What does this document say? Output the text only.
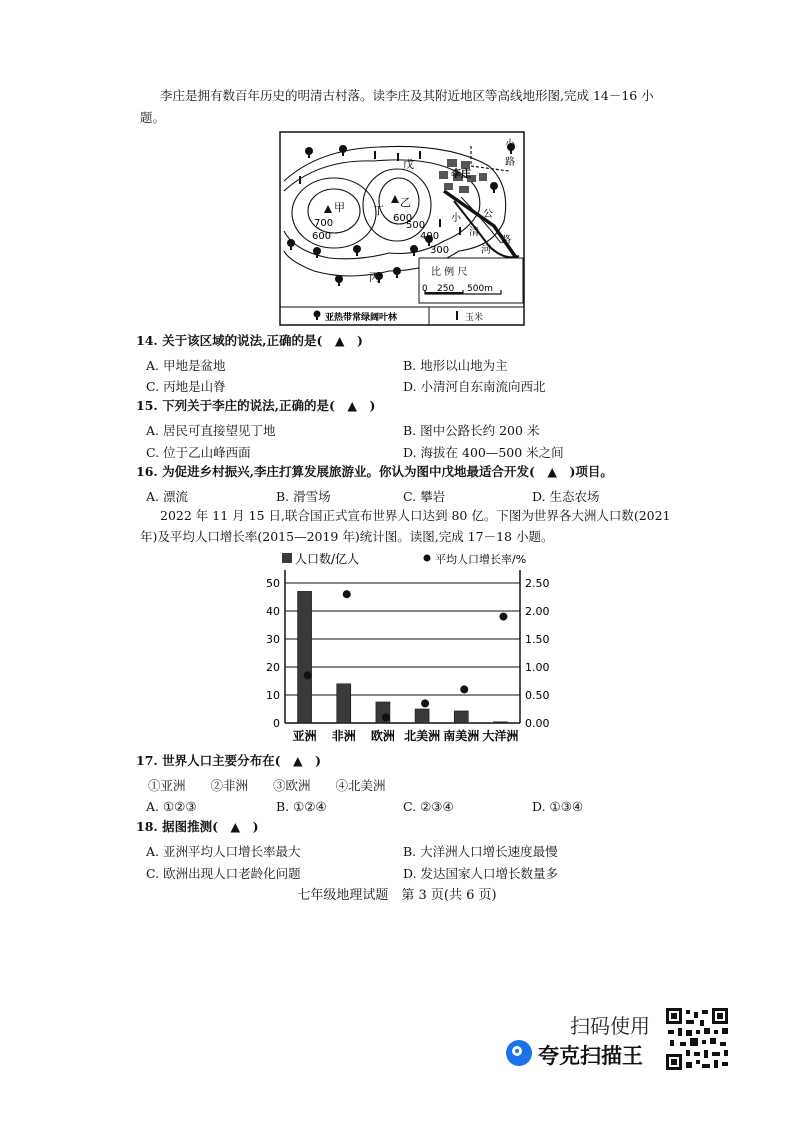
李庄是拥有数百年历史的明清古村落。读李庄及其附近地区等高线地形图,完成 14－16 小
题。
戊
李庄
甲	乙
丁
丙
700
600
600
500
400
300
小
路
小
清
河
公
路
比 例 尺
0 250 500m
亚热带常绿阔叶林	玉米
14. 关于该区域的说法,正确的是(　▲　)
A. 甲地是盆地	B. 地形以山地为主
C. 丙地是山脊	D. 小清河自东南流向西北
15. 下列关于李庄的说法,正确的是(　▲　)
A. 居民可直接望见丁地	B. 图中公路长约 200 米
C. 位于乙山峰西面	D. 海拔在 400—500 米之间
16. 为促进乡村振兴,李庄打算发展旅游业。你认为图中戊地最适合开发(　▲　)项目。
A. 漂流	B. 滑雪场	C. 攀岩	D. 生态农场
2022 年 11 月 15 日,联合国正式宣布世界人口达到 80 亿。下图为世界各大洲人口数(2021
年)及平均人口增长率(2015—2019 年)统计图。读图,完成 17－18 小题。
人口数/亿人	平均人口增长率/%
0
10
20
30
40
50
0.00
0.50
1.00
1.50
2.00
2.50
亚洲 非洲 欧洲 北美洲 南美洲 大洋洲
17. 世界人口主要分布在(　▲　)
①亚洲　　②非洲　　③欧洲　　④北美洲
A. ①②③	B. ①②④	C. ②③④	D. ①③④
18. 据图推测(　▲　)
A. 亚洲平均人口增长率最大	B. 大洋洲人口增长速度最慢
C. 欧洲出现人口老龄化问题	D. 发达国家人口增长数量多
七年级地理试题　第 3 页(共 6 页)
扫码使用
夸克扫描王
